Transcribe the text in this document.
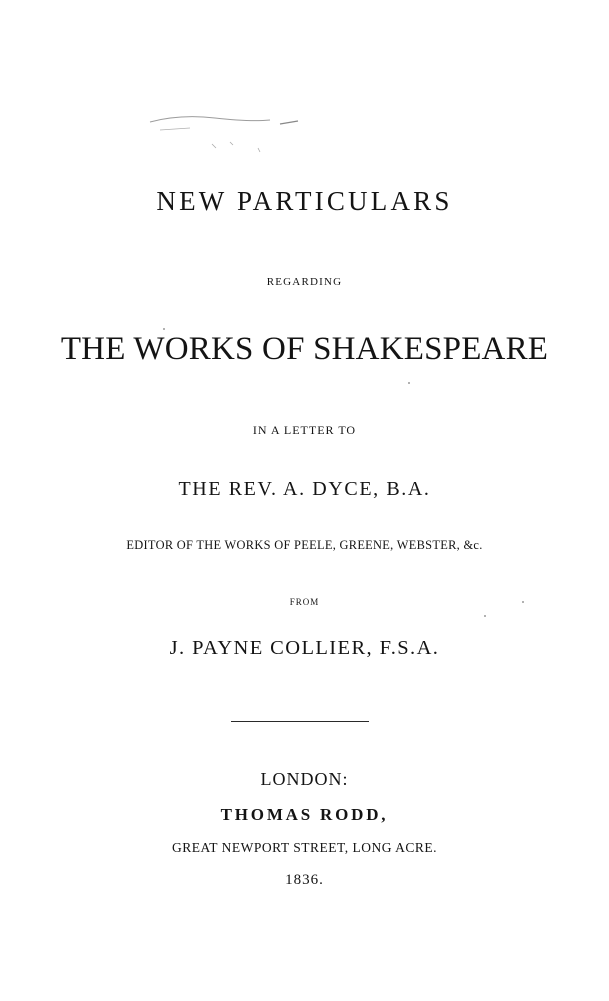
NEW PARTICULARS
REGARDING
THE WORKS OF SHAKESPEARE
IN A LETTER TO
THE REV. A. DYCE, B.A.
EDITOR OF THE WORKS OF PEELE, GREENE, WEBSTER, &c.
FROM
J. PAYNE COLLIER, F.S.A.
LONDON:
THOMAS RODD,
GREAT NEWPORT STREET, LONG ACRE.
1836.
